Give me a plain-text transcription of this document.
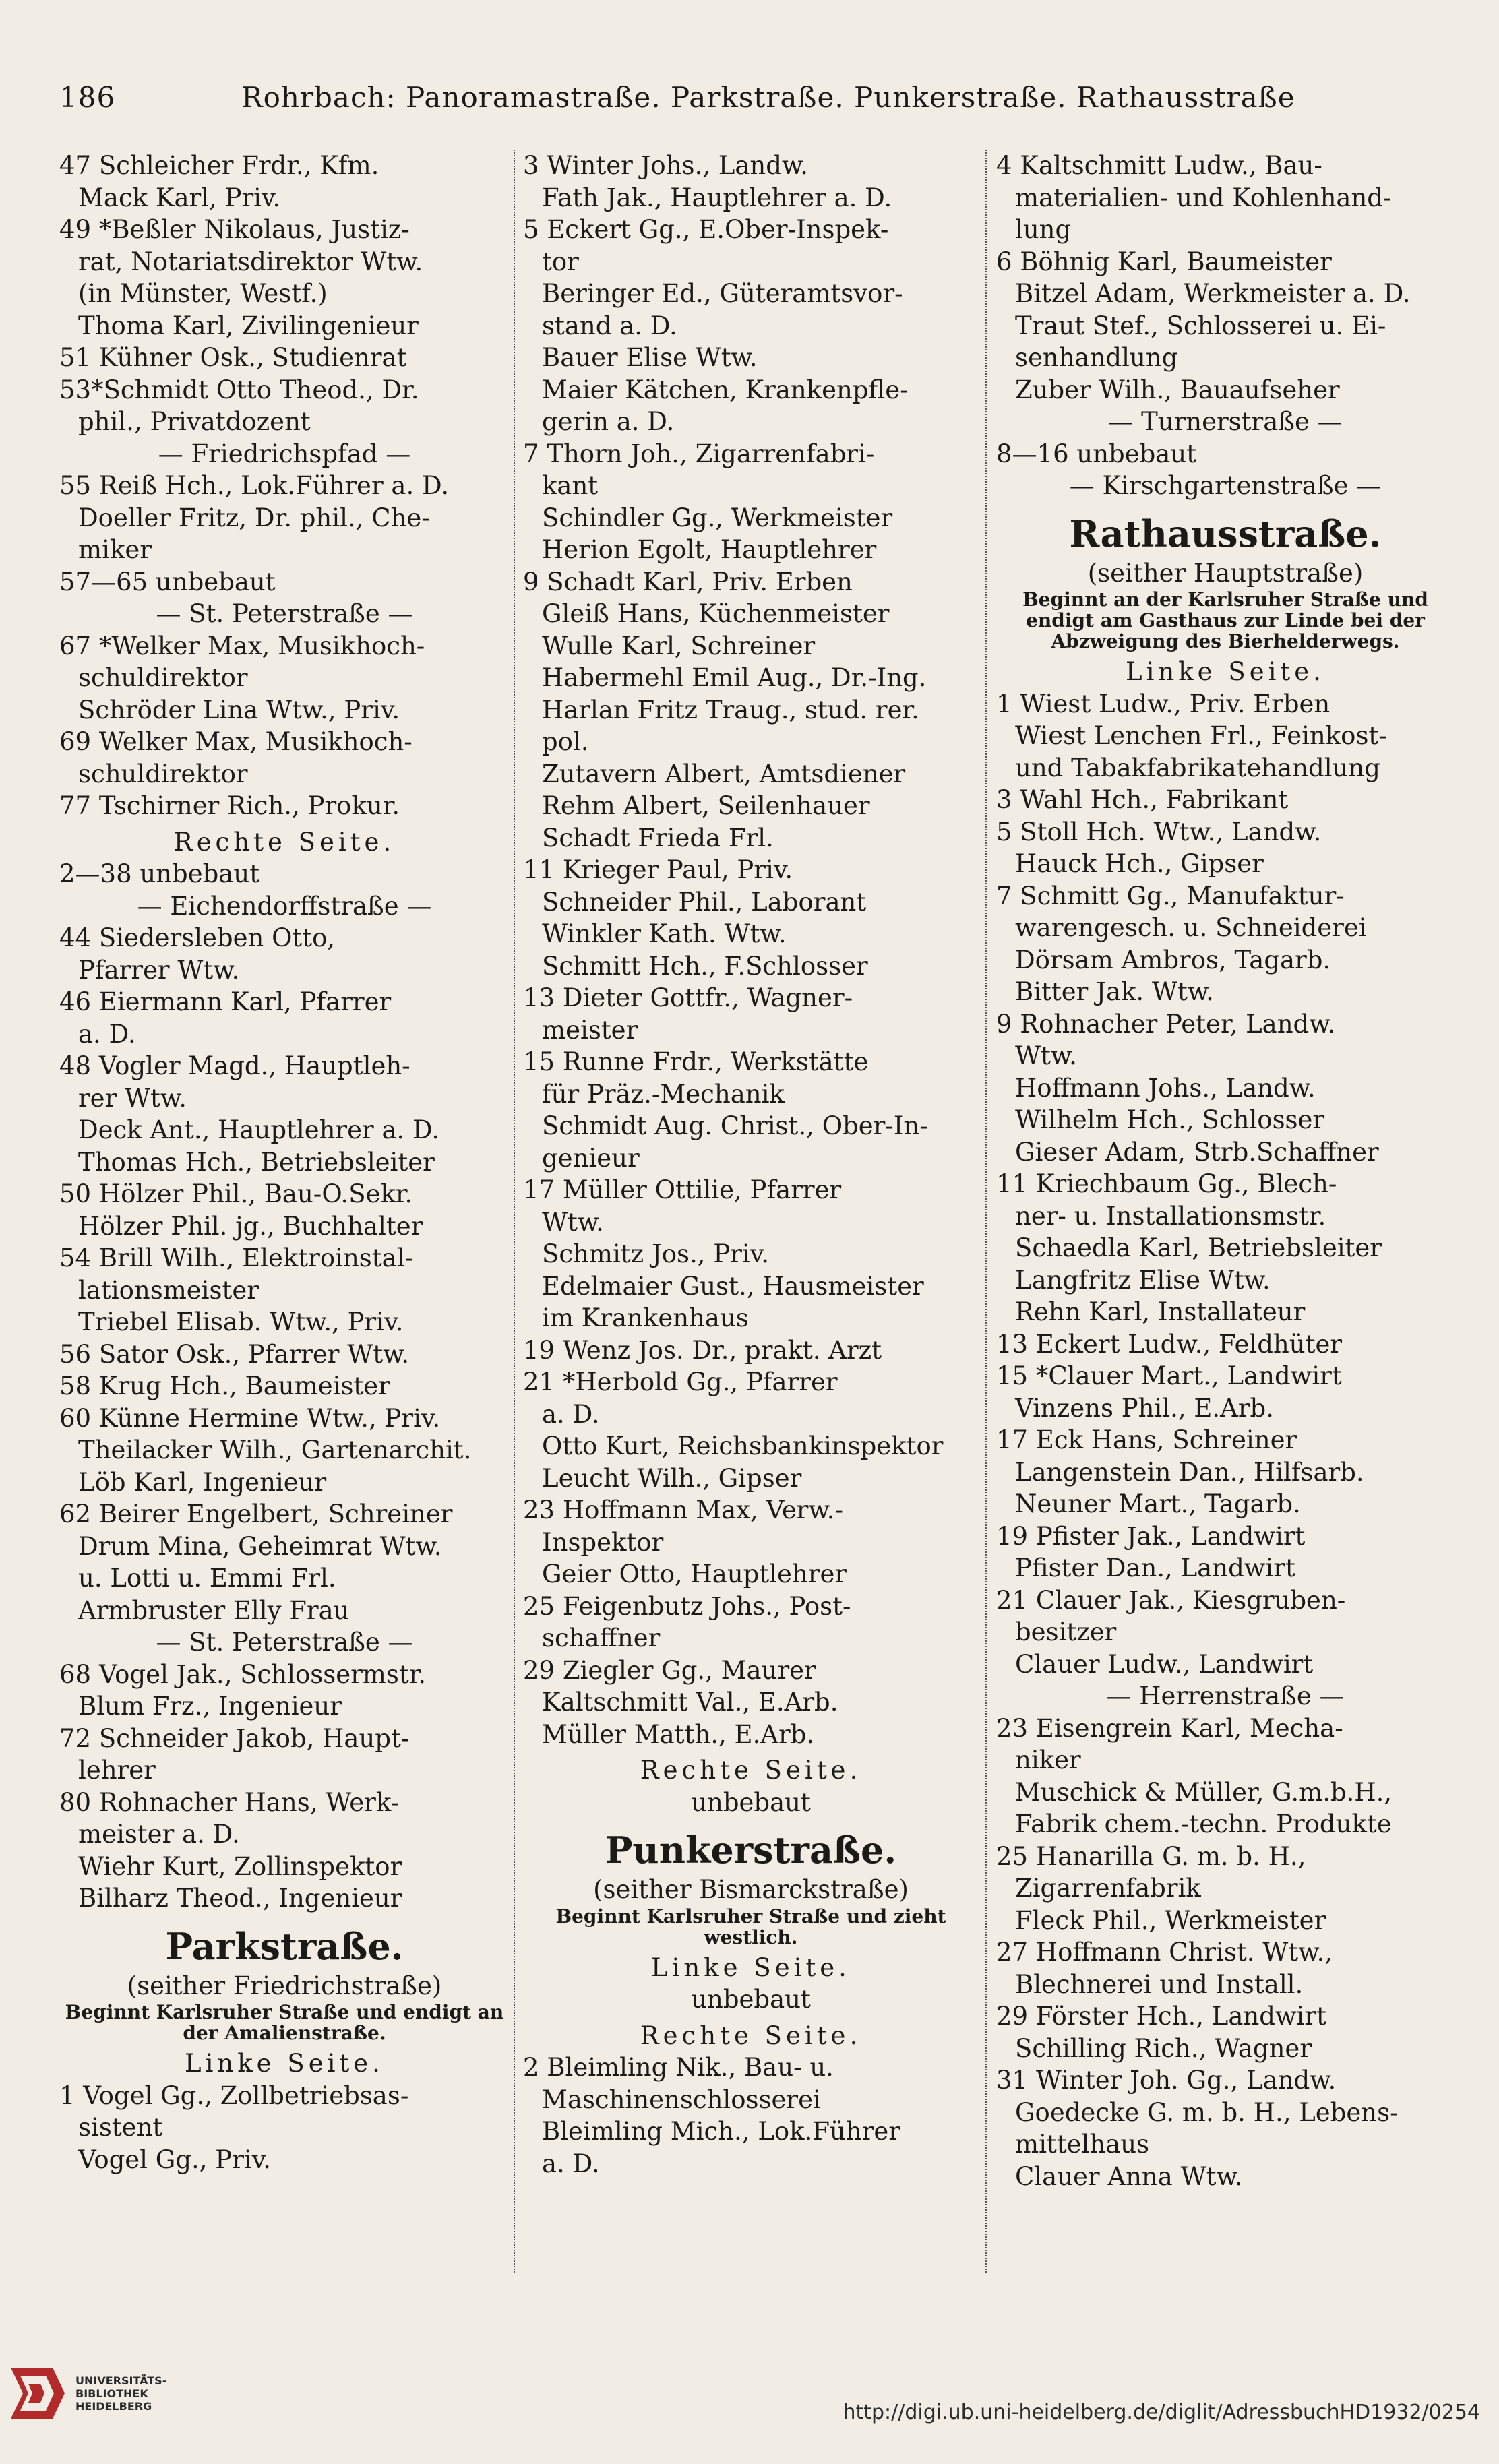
186	Rohrbach: Panoramastraße. Parkstraße. Punkerstraße. Rathausstraße
47 Schleicher Frdr., Kfm.
Mack Karl, Priv.
49 *Beßler Nikolaus, Justiz-
rat, Notariatsdirektor Wtw.
(in Münster, Westf.)
Thoma Karl, Zivilingenieur
51 Kühner Osk., Studienrat
53*Schmidt Otto Theod., Dr.
phil., Privatdozent
— Friedrichspfad —
55 Reiß Hch., Lok.Führer a. D.
Doeller Fritz, Dr. phil., Che-
miker
57—65 unbebaut
— St. Peterstraße —
67 *Welker Max, Musikhoch-
schuldirektor
Schröder Lina Wtw., Priv.
69 Welker Max, Musikhoch-
schuldirektor
77 Tschirner Rich., Prokur.
Rechte Seite.
2—38 unbebaut
— Eichendorffstraße —
44 Siedersleben Otto,
Pfarrer Wtw.
46 Eiermann Karl, Pfarrer
a. D.
48 Vogler Magd., Hauptleh-
rer Wtw.
Deck Ant., Hauptlehrer a. D.
Thomas Hch., Betriebsleiter
50 Hölzer Phil., Bau-O.Sekr.
Hölzer Phil. jg., Buchhalter
54 Brill Wilh., Elektroinstal-
lationsmeister
Triebel Elisab. Wtw., Priv.
56 Sator Osk., Pfarrer Wtw.
58 Krug Hch., Baumeister
60 Künne Hermine Wtw., Priv.
Theilacker Wilh., Gartenarchit.
Löb Karl, Ingenieur
62 Beirer Engelbert, Schreiner
Drum Mina, Geheimrat Wtw.
u. Lotti u. Emmi Frl.
Armbruster Elly Frau
— St. Peterstraße —
68 Vogel Jak., Schlossermstr.
Blum Frz., Ingenieur
72 Schneider Jakob, Haupt-
lehrer
80 Rohnacher Hans, Werk-
meister a. D.
Wiehr Kurt, Zollinspektor
Bilharz Theod., Ingenieur
Parkstraße.
(seither Friedrichstraße)
Beginnt Karlsruher Straße und endigt an der Amalienstraße.
Linke Seite.
1 Vogel Gg., Zollbetriebsas-
sistent
Vogel Gg., Priv.
3 Winter Johs., Landw.
Fath Jak., Hauptlehrer a. D.
5 Eckert Gg., E.Ober-Inspek-
tor
Beringer Ed., Güteramtsvor-
stand a. D.
Bauer Elise Wtw.
Maier Kätchen, Krankenpfle-
gerin a. D.
7 Thorn Joh., Zigarrenfabri-
kant
Schindler Gg., Werkmeister
Herion Egolt, Hauptlehrer
9 Schadt Karl, Priv. Erben
Gleiß Hans, Küchenmeister
Wulle Karl, Schreiner
Habermehl Emil Aug., Dr.-Ing.
Harlan Fritz Traug., stud. rer.
pol.
Zutavern Albert, Amtsdiener
Rehm Albert, Seilenhauer
Schadt Frieda Frl.
11 Krieger Paul, Priv.
Schneider Phil., Laborant
Winkler Kath. Wtw.
Schmitt Hch., F.Schlosser
13 Dieter Gottfr., Wagner-
meister
15 Runne Frdr., Werkstätte
für Präz.-Mechanik
Schmidt Aug. Christ., Ober-In-
genieur
17 Müller Ottilie, Pfarrer
Wtw.
Schmitz Jos., Priv.
Edelmaier Gust., Hausmeister
im Krankenhaus
19 Wenz Jos. Dr., prakt. Arzt
21 *Herbold Gg., Pfarrer
a. D.
Otto Kurt, Reichsbankinspektor
Leucht Wilh., Gipser
23 Hoffmann Max, Verw.-
Inspektor
Geier Otto, Hauptlehrer
25 Feigenbutz Johs., Post-
schaffner
29 Ziegler Gg., Maurer
Kaltschmitt Val., E.Arb.
Müller Matth., E.Arb.
Rechte Seite.
unbebaut
Punkerstraße.
(seither Bismarckstraße)
Beginnt Karlsruher Straße und zieht westlich.
Linke Seite.
unbebaut
Rechte Seite.
2 Bleimling Nik., Bau- u.
Maschinenschlosserei
Bleimling Mich., Lok.Führer
a. D.
4 Kaltschmitt Ludw., Bau-
materialien- und Kohlenhand-
lung
6 Böhnig Karl, Baumeister
Bitzel Adam, Werkmeister a. D.
Traut Stef., Schlosserei u. Ei-
senhandlung
Zuber Wilh., Bauaufseher
— Turnerstraße —
8—16 unbebaut
— Kirschgartenstraße —
Rathausstraße.
(seither Hauptstraße)
Beginnt an der Karlsruher Straße und endigt am Gasthaus zur Linde bei der Abzweigung des Bierhelderwegs.
Linke Seite.
1 Wiest Ludw., Priv. Erben
Wiest Lenchen Frl., Feinkost-
und Tabakfabrikatehandlung
3 Wahl Hch., Fabrikant
5 Stoll Hch. Wtw., Landw.
Hauck Hch., Gipser
7 Schmitt Gg., Manufaktur-
warengesch. u. Schneiderei
Dörsam Ambros, Tagarb.
Bitter Jak. Wtw.
9 Rohnacher Peter, Landw.
Wtw.
Hoffmann Johs., Landw.
Wilhelm Hch., Schlosser
Gieser Adam, Strb.Schaffner
11 Kriechbaum Gg., Blech-
ner- u. Installationsmstr.
Schaedla Karl, Betriebsleiter
Langfritz Elise Wtw.
Rehn Karl, Installateur
13 Eckert Ludw., Feldhüter
15 *Clauer Mart., Landwirt
Vinzens Phil., E.Arb.
17 Eck Hans, Schreiner
Langenstein Dan., Hilfsarb.
Neuner Mart., Tagarb.
19 Pfister Jak., Landwirt
Pfister Dan., Landwirt
21 Clauer Jak., Kiesgruben-
besitzer
Clauer Ludw., Landwirt
— Herrenstraße —
23 Eisengrein Karl, Mecha-
niker
Muschick & Müller, G.m.b.H.,
Fabrik chem.-techn. Produkte
25 Hanarilla G. m. b. H.,
Zigarrenfabrik
Fleck Phil., Werkmeister
27 Hoffmann Christ. Wtw.,
Blechnerei und Install.
29 Förster Hch., Landwirt
Schilling Rich., Wagner
31 Winter Joh. Gg., Landw.
Goedecke G. m. b. H., Lebens-
mittelhaus
Clauer Anna Wtw.
UNIVERSITÄTS-
BIBLIOTHEK
HEIDELBERG	http://digi.ub.uni-heidelberg.de/diglit/AdressbuchHD1932/0254
